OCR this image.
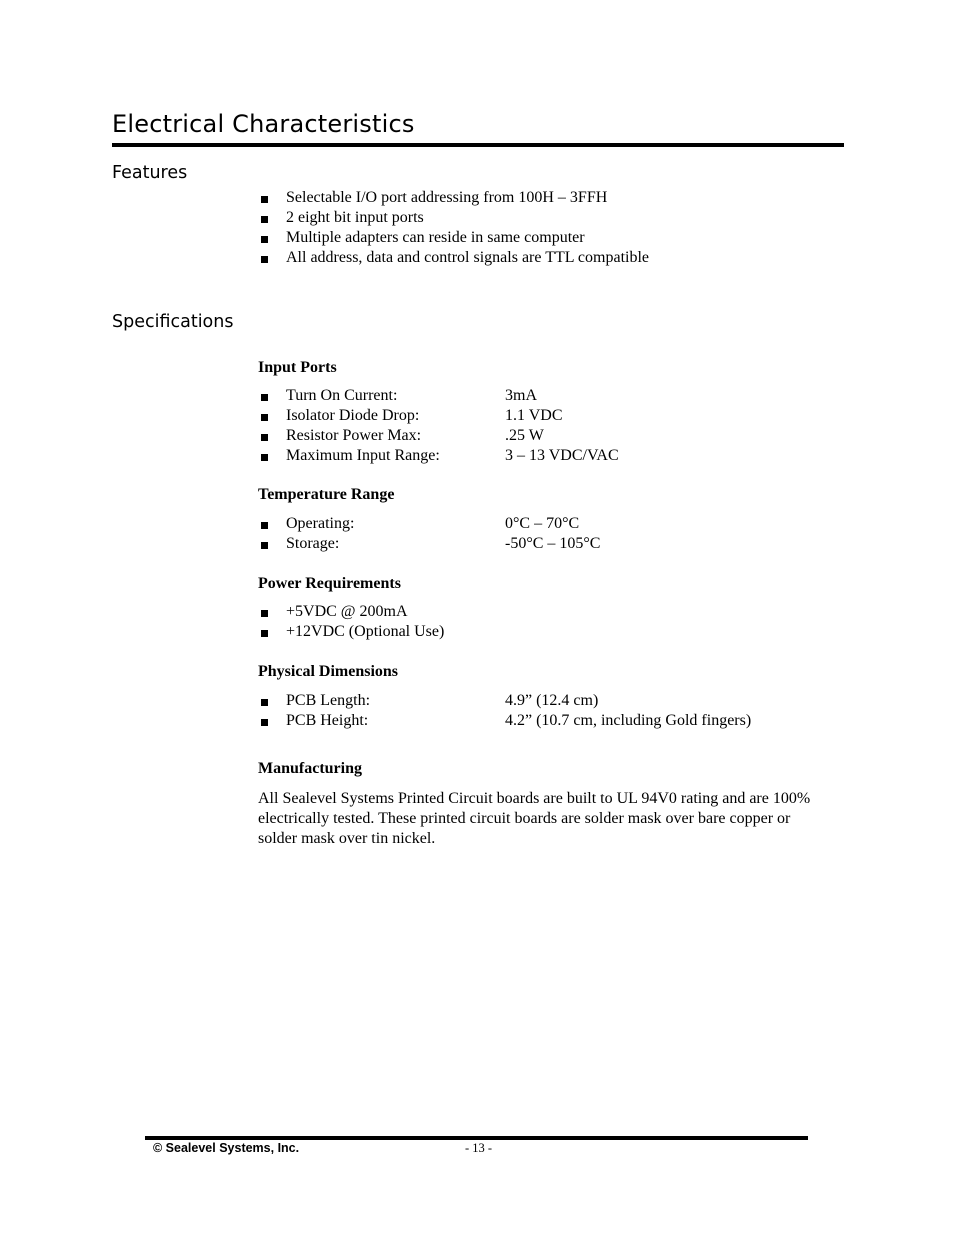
Electrical Characteristics
Features
Selectable I/O port addressing from 100H – 3FFH
2 eight bit input ports
Multiple adapters can reside in same computer
All address, data and control signals are TTL compatible
Specifications
Input Ports
Turn On Current:	3mA
Isolator Diode Drop:	1.1 VDC
Resistor Power Max:	.25 W
Maximum Input Range:	3 – 13 VDC/VAC
Temperature Range
Operating:	0°C – 70°C
Storage:	-50°C – 105°C
Power Requirements
+5VDC @ 200mA
+12VDC (Optional Use)
Physical Dimensions
PCB Length:	4.9” (12.4 cm)
PCB Height:	4.2” (10.7 cm, including Gold fingers)
Manufacturing

All Sealevel Systems Printed Circuit boards are built to UL 94V0 rating and are 100% electrically tested. These printed circuit boards are solder mask over bare copper or solder mask over tin nickel.

© Sealevel Systems, Inc.	- 13 -
